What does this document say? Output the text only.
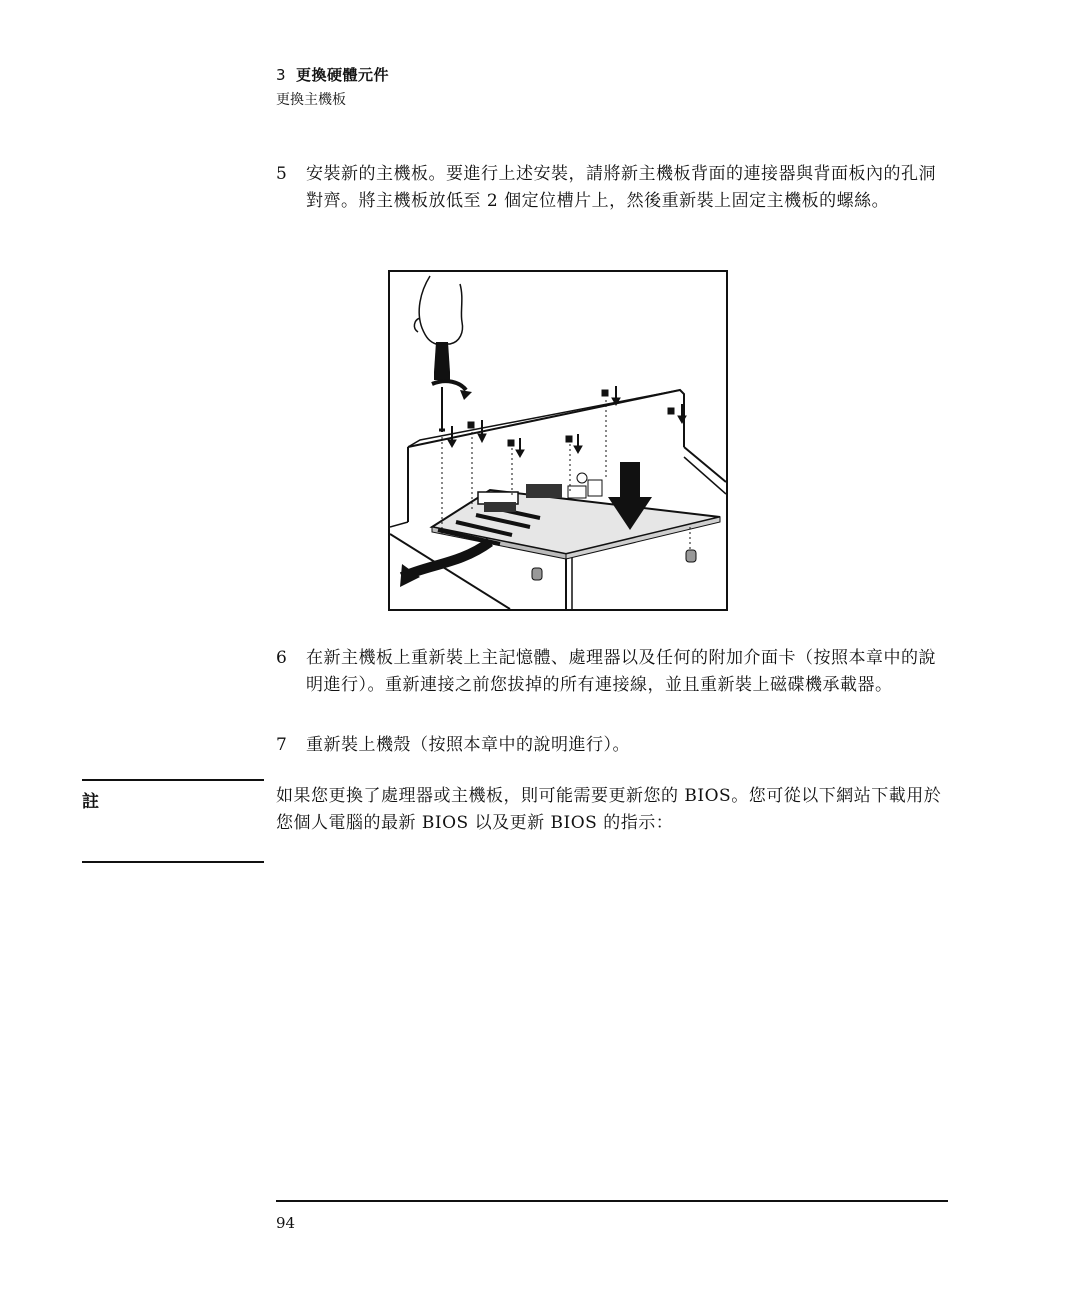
3 更換硬體元件
更換主機板
5	安裝新的主機板。要進行上述安裝，請將新主機板背面的連接器與背面板內的孔洞對齊。將主機板放低至 2 個定位槽片上，然後重新裝上固定主機板的螺絲。
6	在新主機板上重新裝上主記憶體、處理器以及任何的附加介面卡（按照本章中的說明進行）。重新連接之前您拔掉的所有連接線，並且重新裝上磁碟機承載器。
7	重新裝上機殼（按照本章中的說明進行）。
註	如果您更換了處理器或主機板，則可能需要更新您的 BIOS。您可從以下網站下載用於您個人電腦的最新 BIOS 以及更新 BIOS 的指示：
94
